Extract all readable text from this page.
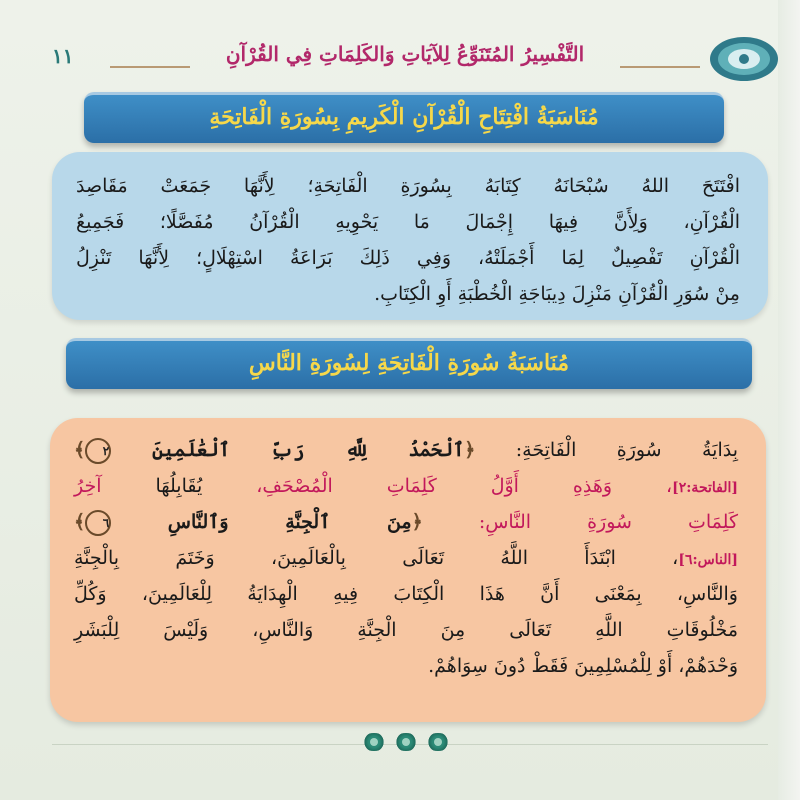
١١	التَّفْسِيرُ المُتَنَوِّعُ لِلآيَاتِ وَالكَلِمَاتِ فِي القُرْآنِ
مُنَاسَبَةُ افْتِتَاحِ الْقُرْآنِ الْكَرِيمِ بِسُورَةِ الْفَاتِحَةِ
افْتَتَحَ اللهُ سُبْحَانَهُ كِتَابَهُ بِسُورَةِ الْفَاتِحَةِ؛ لِأَنَّهَا جَمَعَتْ مَقَاصِدَ
الْقُرْآنِ، وَلِأَنَّ فِيهَا إِجْمَالَ مَا يَحْوِيهِ الْقُرْآنُ مُفَصَّلًا؛ فَجَمِيعُ
الْقُرْآنِ تَفْصِيلٌ لِمَا أَجْمَلَتْهُ، وَفِي ذَلِكَ بَرَاعَةُ اسْتِهْلَالٍ؛ لِأَنَّهَا تَنْزِلُ
مِنْ سُوَرِ الْقُرْآنِ مَنْزِلَ دِيبَاجَةِ الْخُطْبَةِ أَوِ الْكِتَابِ.
مُنَاسَبَةُ سُورَةِ الْفَاتِحَةِ لِسُورَةِ النَّاسِ
بِدَايَةُ سُورَةِ الْفَاتِحَةِ: ﴿ٱلْحَمْدُ لِلَّهِ رَبِّ ٱلْعَٰلَمِينَ ٢﴾
[الفاتحة:٢]، وَهَذِهِ أَوَّلُ كَلِمَاتِ الْمُصْحَفِ، يُقَابِلُهَا آخِرُ
كَلِمَاتِ سُورَةِ النَّاسِ: ﴿مِنَ ٱلْجِنَّةِ وَٱلنَّاسِ ٦﴾
[الناس:٦]، ابْتَدَأَ اللَّهُ تَعَالَى بِالْعَالَمِينَ، وَخَتَمَ بِالْجِنَّةِ
وَالنَّاسِ، بِمَعْنَى أَنَّ هَذَا الْكِتَابَ فِيهِ الْهِدَايَةُ لِلْعَالَمِينَ، وَكُلِّ
مَخْلُوقَاتِ اللَّهِ تَعَالَى مِنَ الْجِنَّةِ وَالنَّاسِ، وَلَيْسَ لِلْبَشَرِ
وَحْدَهُمْ، أَوْ لِلْمُسْلِمِينَ فَقَطْ دُونَ سِوَاهُمْ.
